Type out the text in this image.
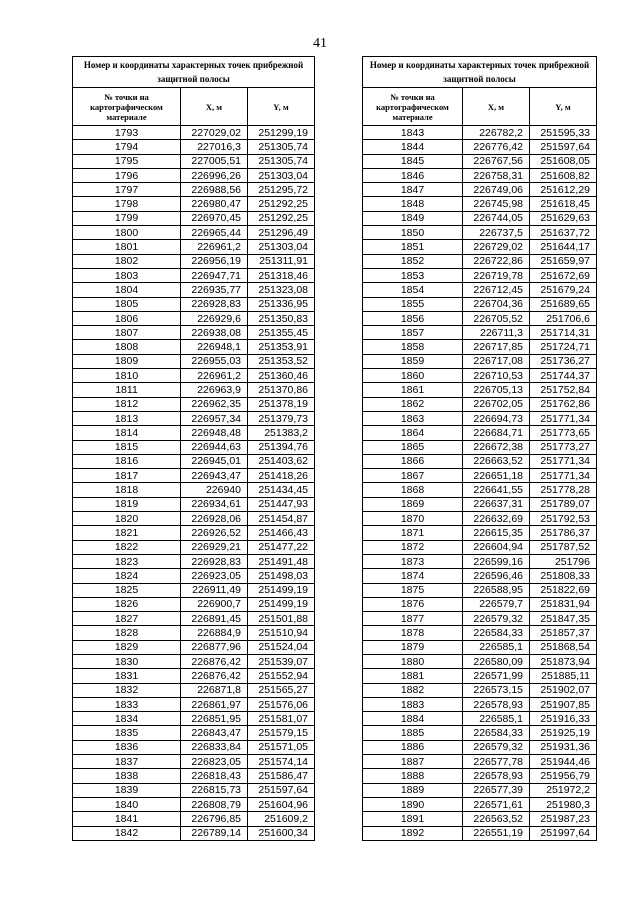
41
Номер и координаты характерных точек прибрежной защитной полосы		
№ точки на картографическом материале	X, м	Y, м
1793	227029,02	251299,19
1794	227016,3	251305,74
1795	227005,51	251305,74
1796	226996,26	251303,04
1797	226988,56	251295,72
1798	226980,47	251292,25
1799	226970,45	251292,25
1800	226965,44	251296,49
1801	226961,2	251303,04
1802	226956,19	251311,91
1803	226947,71	251318,46
1804	226935,77	251323,08
1805	226928,83	251336,95
1806	226929,6	251350,83
1807	226938,08	251355,45
1808	226948,1	251353,91
1809	226955,03	251353,52
1810	226961,2	251360,46
1811	226963,9	251370,86
1812	226962,35	251378,19
1813	226957,34	251379,73
1814	226948,48	251383,2
1815	226944,63	251394,76
1816	226945,01	251403,62
1817	226943,47	251418,26
1818	226940	251434,45
1819	226934,61	251447,93
1820	226928,06	251454,87
1821	226926,52	251466,43
1822	226929,21	251477,22
1823	226928,83	251491,48
1824	226923,05	251498,03
1825	226911,49	251499,19
1826	226900,7	251499,19
1827	226891,45	251501,88
1828	226884,9	251510,94
1829	226877,96	251524,04
1830	226876,42	251539,07
1831	226876,42	251552,94
1832	226871,8	251565,27
1833	226861,97	251576,06
1834	226851,95	251581,07
1835	226843,47	251579,15
1836	226833,84	251571,05
1837	226823,05	251574,14
1838	226818,43	251586,47
1839	226815,73	251597,64
1840	226808,79	251604,96
1841	226796,85	251609,2
1842	226789,14	251600,34
Номер и координаты характерных точек прибрежной защитной полосы		
№ точки на картографическом материале	X, м	Y, м
1843	226782,2	251595,33
1844	226776,42	251597,64
1845	226767,56	251608,05
1846	226758,31	251608,82
1847	226749,06	251612,29
1848	226745,98	251618,45
1849	226744,05	251629,63
1850	226737,5	251637,72
1851	226729,02	251644,17
1852	226722,86	251659,97
1853	226719,78	251672,69
1854	226712,45	251679,24
1855	226704,36	251689,65
1856	226705,52	251706,6
1857	226711,3	251714,31
1858	226717,85	251724,71
1859	226717,08	251736,27
1860	226710,53	251744,37
1861	226705,13	251752,84
1862	226702,05	251762,86
1863	226694,73	251771,34
1864	226684,71	251773,65
1865	226672,38	251773,27
1866	226663,52	251771,34
1867	226651,18	251771,34
1868	226641,55	251778,28
1869	226637,31	251789,07
1870	226632,69	251792,53
1871	226615,35	251786,37
1872	226604,94	251787,52
1873	226599,16	251796
1874	226596,46	251808,33
1875	226588,95	251822,69
1876	226579,7	251831,94
1877	226579,32	251847,35
1878	226584,33	251857,37
1879	226585,1	251868,54
1880	226580,09	251873,94
1881	226571,99	251885,11
1882	226573,15	251902,07
1883	226578,93	251907,85
1884	226585,1	251916,33
1885	226584,33	251925,19
1886	226579,32	251931,36
1887	226577,78	251944,46
1888	226578,93	251956,79
1889	226577,39	251972,2
1890	226571,61	251980,3
1891	226563,52	251987,23
1892	226551,19	251997,64
